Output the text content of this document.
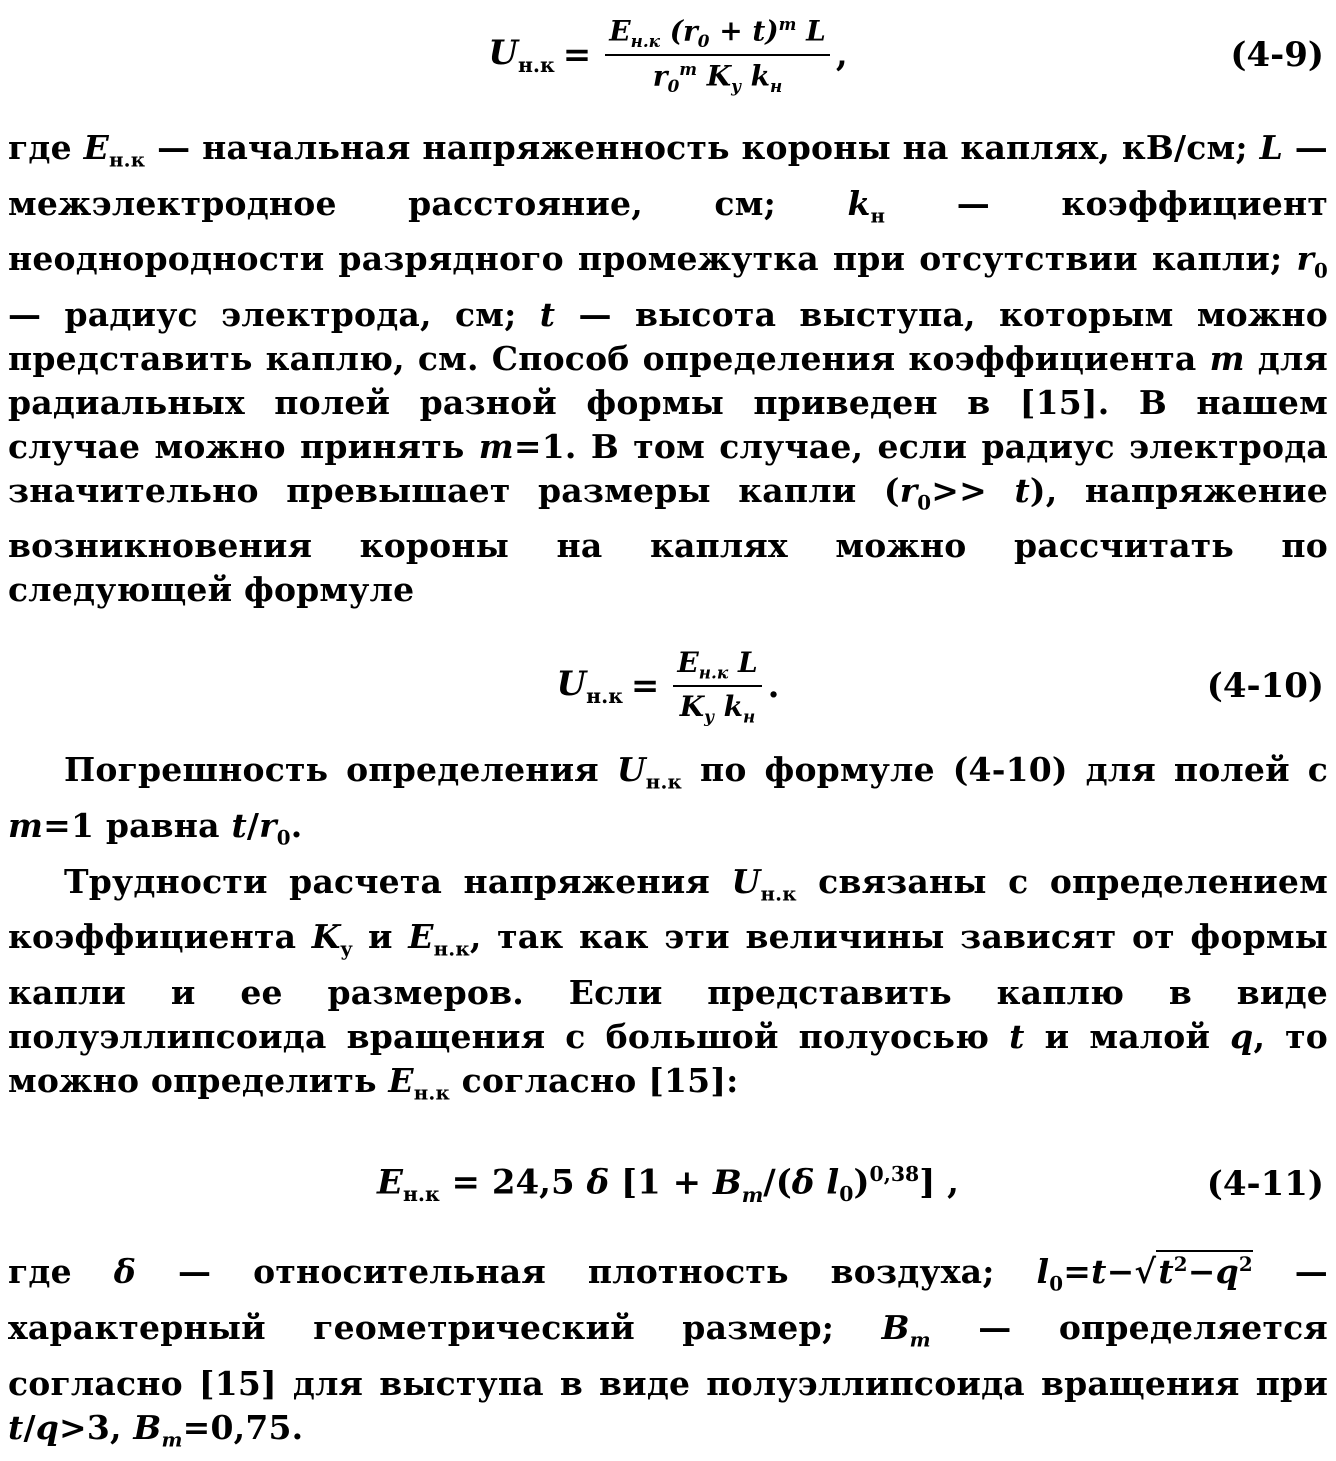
$U_{н.к} = \frac{E_{н.к} (r_0 + t)^m L}{r_0^m K_y k_н}$ ,	(4-9)

где $E_{н.к}$ — начальная напряженность короны на каплях, кВ/см; L — межэлектродное расстояние, см; $k_н$ — коэффициент неоднородности разрядного промежутка при отсутствии капли; $r_0$ — радиус электрода, см; t — высота выступа, которым можно представить каплю, см. Способ определения коэффициента m для радиальных полей разной формы приведен в [15]. В нашем случае можно принять m=1. В том случае, если радиус электрода значительно превышает размеры капли $(r_0>> t)$, напряжение возникновения короны на каплях можно рассчитать по следующей формуле

$U_{н.к} = \frac{E_{н.к} L}{K_y k_н}$ .	(4-10)

Погрешность определения $U_{н.к}$ по формуле (4-10) для полей с m=1 равна $t/r_0$.

Трудности расчета напряжения $U_{н.к}$ связаны с определением коэффициента $K_y$ и $E_{н.к}$, так как эти величины зависят от формы капли и ее размеров. Если представить каплю в виде полуэллипсоида вращения с большой полуосью t и малой q, то можно определить $E_{н.к}$ согласно [15]:

$E_{н.к} = 24,5$ δ [$1 + B_m/(\delta$ $l_0)^{0,38}$] ,	(4-11)

где δ — относительная плотность воздуха; $l_0=t-√t^2-q^2$ — характерный геометрический размер; $B_m$ — определяется согласно [15] для выступа в виде полуэллипсоида вращения при t/q>3, $B_m=0,75$.
